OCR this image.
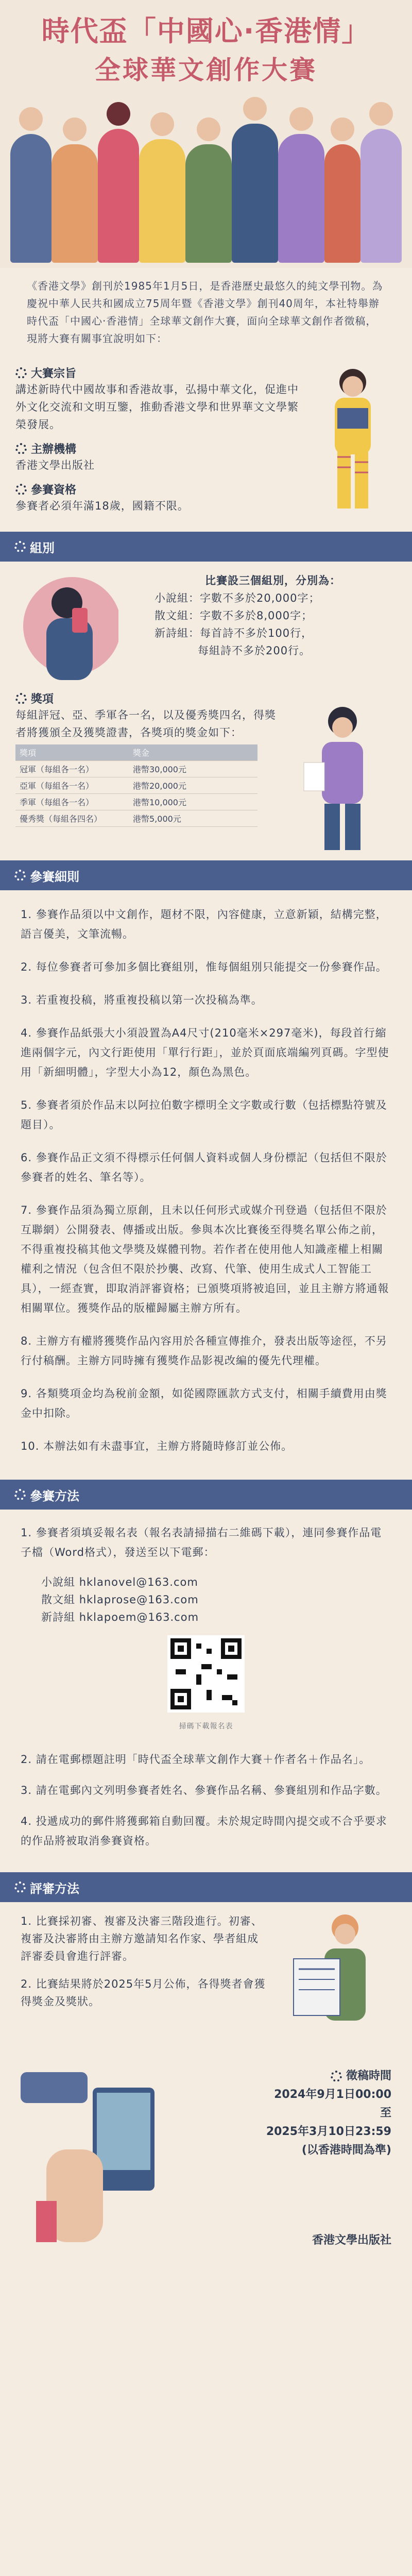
時代盃「中國心·香港情」
全球華文創作大賽
《香港文學》創刊於1985年1月5日，是香港歷史最悠久的純文學刊物。為慶祝中華人民共和國成立75周年暨《香港文學》創刊40周年，本社特舉辦時代盃「中國心·香港情」全球華文創作大賽，面向全球華文創作者徵稿，現將大賽有關事宜說明如下：
大賽宗旨
講述新時代中國故事和香港故事，弘揚中華文化，促進中外文化交流和文明互鑒，推動香港文學和世界華文文學繁榮發展。
主辦機構
香港文學出版社
參賽資格
參賽者必須年滿18歲，國籍不限。
組別
比賽設三個組別，分別為：
小說組：字數不多於20,000字；
散文組：字數不多於8,000字；
新詩組：每首詩不多於100行，
每組詩不多於200行。
獎項
每組評冠、亞、季軍各一名，以及優秀獎四名，得獎者將獲頒全及獲獎證書，各獎項的獎金如下：
獎項	獎金
冠軍（每組各一名）	港幣30,000元
亞軍（每組各一名）	港幣20,000元
季軍（每組各一名）	港幣10,000元
優秀獎（每組各四名）	港幣5,000元
參賽細則

1. 參賽作品須以中文創作，題材不限，內容健康，立意新穎，結構完整，語言優美，文筆流暢。

2. 每位參賽者可參加多個比賽組別，惟每個組別只能提交一份參賽作品。

3. 若重複投稿，將重複投稿以第一次投稿為準。

4. 參賽作品紙張大小須設置為A4尺寸(210毫米×297毫米)，每段首行縮進兩個字元，內文行距使用「單行行距」，並於頁面底端編列頁碼。字型使用「新細明體」，字型大小為12，顏色為黑色。

5. 參賽者須於作品末以阿拉伯數字標明全文字數或行數（包括標點符號及題目）。

6. 參賽作品正文須不得標示任何個人資料或個人身份標記（包括但不限於參賽者的姓名、筆名等）。

7. 參賽作品須為獨立原創，且未以任何形式或媒介刊登過（包括但不限於互聯網）公開發表、傳播或出版。參與本次比賽後至得獎名單公佈之前，不得重複投稿其他文學獎及媒體刊物。若作者在使用他人知識產權上相關權利之情況（包含但不限於抄襲、改寫、代筆、使用生成式人工智能工具），一經查實，即取消評審資格；已頒獎項將被追回，並且主辦方將通報相關單位。獲獎作品的版權歸屬主辦方所有。

8. 主辦方有權將獲獎作品內容用於各種宣傳推介，發表出版等途徑，不另行付稿酬。主辦方同時擁有獲獎作品影視改編的優先代理權。

9. 各類獎項金均為稅前金額，如從國際匯款方式支付，相關手續費用由獎金中扣除。

10. 本辦法如有未盡事宜，主辦方將隨時修訂並公佈。

參賽方法

1. 參賽者須填妥報名表（報名表請掃描右二維碼下載），連同參賽作品電子檔（Word格式），發送至以下電郵：

小說組 hklanovel@163.com
散文組 hklaprose@163.com
新詩組 hklapoem@163.com
掃碼下載報名表

2. 請在電郵標題註明「時代盃全球華文創作大賽＋作者名＋作品名」。

3. 請在電郵內文列明參賽者姓名、參賽作品名稱、參賽組別和作品字數。

4. 投遞成功的郵件將獲郵箱自動回覆。未於規定時間內提交或不合乎要求的作品將被取消參賽資格。

評審方法

1. 比賽採初審、複審及決審三階段進行。初審、複審及決審將由主辦方邀請知名作家、學者組成評審委員會進行評審。

2. 比賽結果將於2025年5月公佈，各得獎者會獲得獎金及獎狀。

徵稿時間
2024年9月1日00:00
至
2025年3月10日23:59
(以香港時間為準)
香港文學出版社
